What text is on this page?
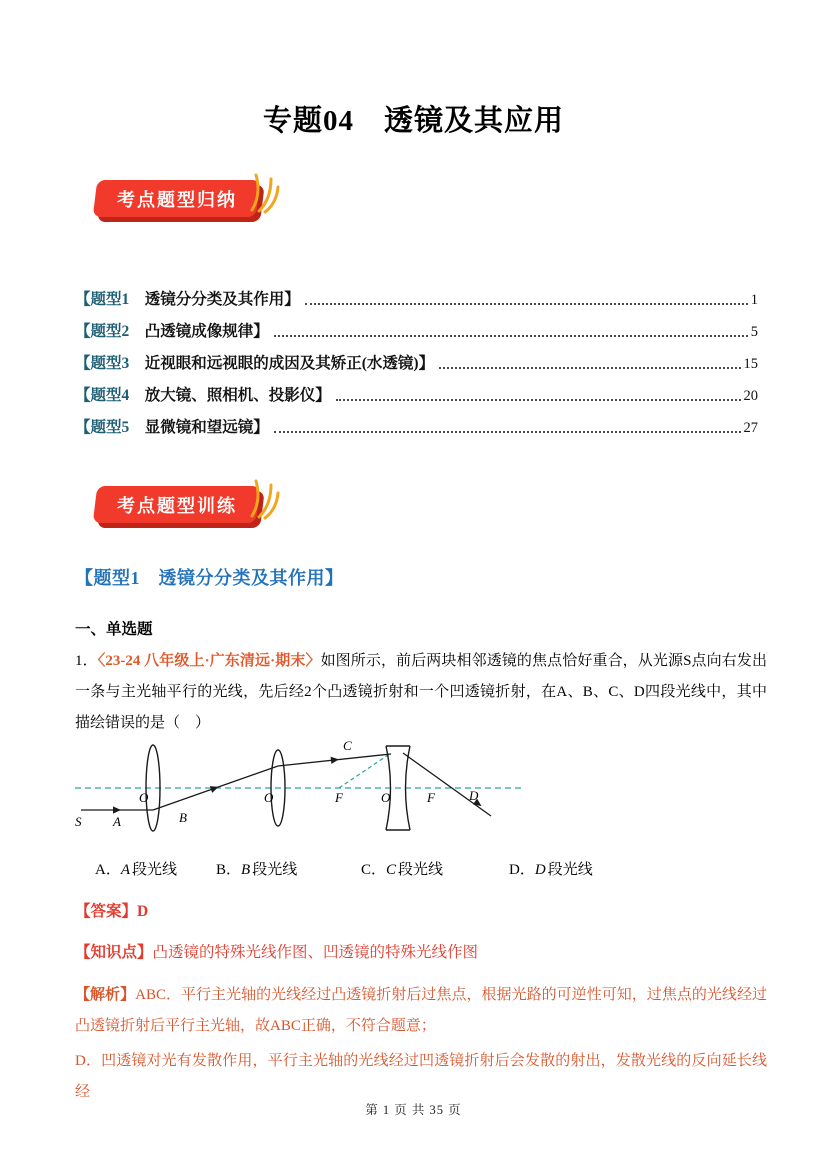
专题04　透镜及其应用
考点题型归纳
【题型1 　透镜分分类及其作用】	1
【题型2 　凸透镜成像规律】	5
【题型3 　近视眼和远视眼的成因及其矫正(水透镜)】	15
【题型4 　放大镜、照相机、投影仪】	20
【题型5 　显微镜和望远镜】	27
考点题型训练
【题型1　透镜分分类及其作用】
一、单选题

1．〈23-24 八年级上·广东清远·期末〉如图所示，前后两块相邻透镜的焦点恰好重合，从光源S点向右发出一条与主光轴平行的光线，先后经2个凸透镜折射和一个凹透镜折射，在A、B、C、D四段光线中，其中描绘错误的是（　）

S A
O
B
O	F	O	F
C
D
A．A 段光线	B．B 段光线	C．C 段光线	D．D 段光线

【答案】D

【知识点】凸透镜的特殊光线作图、凹透镜的特殊光线作图

【解析】ABC．平行主光轴的光线经过凸透镜折射后过焦点，根据光路的可逆性可知，过焦点的光线经过凸透镜折射后平行主光轴，故ABC正确，不符合题意；

D．凹透镜对光有发散作用，平行主光轴的光线经过凹透镜折射后会发散的射出，发散光线的反向延长线经

第 1 页 共 35 页
